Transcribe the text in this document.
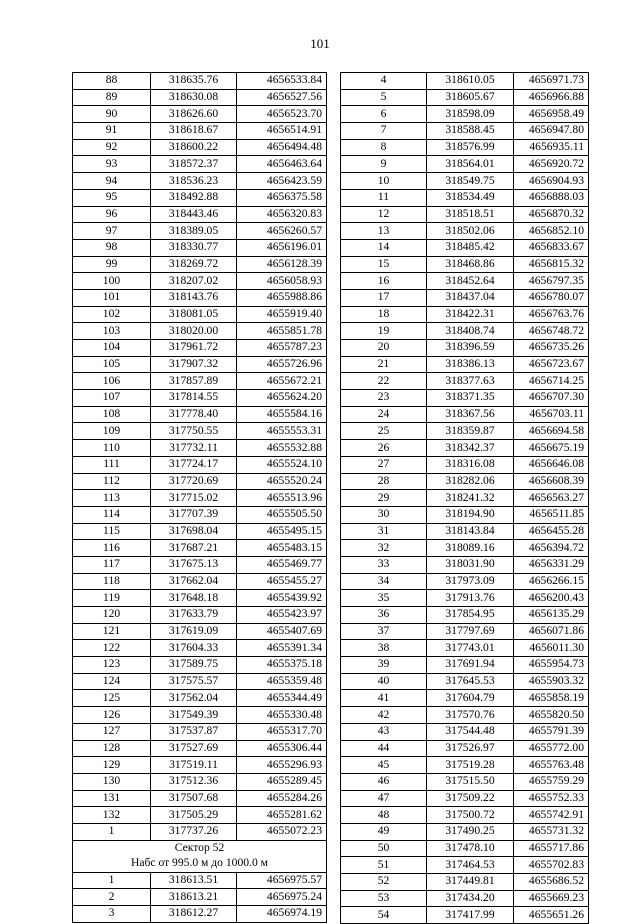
101
88	318635.76	4656533.84
89	318630.08	4656527.56
90	318626.60	4656523.70
91	318618.67	4656514.91
92	318600.22	4656494.48
93	318572.37	4656463.64
94	318536.23	4656423.59
95	318492.88	4656375.58
96	318443.46	4656320.83
97	318389.05	4656260.57
98	318330.77	4656196.01
99	318269.72	4656128.39
100	318207.02	4656058.93
101	318143.76	4655988.86
102	318081.05	4655919.40
103	318020.00	4655851.78
104	317961.72	4655787.23
105	317907.32	4655726.96
106	317857.89	4655672.21
107	317814.55	4655624.20
108	317778.40	4655584.16
109	317750.55	4655553.31
110	317732.11	4655532.88
111	317724.17	4655524.10
112	317720.69	4655520.24
113	317715.02	4655513.96
114	317707.39	4655505.50
115	317698.04	4655495.15
116	317687.21	4655483.15
117	317675.13	4655469.77
118	317662.04	4655455.27
119	317648.18	4655439.92
120	317633.79	4655423.97
121	317619.09	4655407.69
122	317604.33	4655391.34
123	317589.75	4655375.18
124	317575.57	4655359.48
125	317562.04	4655344.49
126	317549.39	4655330.48
127	317537.87	4655317.70
128	317527.69	4655306.44
129	317519.11	4655296.93
130	317512.36	4655289.45
131	317507.68	4655284.26
132	317505.29	4655281.62
1	317737.26	4655072.23

Сектор 52
Набс от 995.0 м до 1000.0 м		

1	318613.51	4656975.57
2	318613.21	4656975.24
3	318612.27	4656974.19
4	318610.05	4656971.73
5	318605.67	4656966.88
6	318598.09	4656958.49
7	318588.45	4656947.80
8	318576.99	4656935.11
9	318564.01	4656920.72
10	318549.75	4656904.93
11	318534.49	4656888.03
12	318518.51	4656870.32
13	318502.06	4656852.10
14	318485.42	4656833.67
15	318468.86	4656815.32
16	318452.64	4656797.35
17	318437.04	4656780.07
18	318422.31	4656763.76
19	318408.74	4656748.72
20	318396.59	4656735.26
21	318386.13	4656723.67
22	318377.63	4656714.25
23	318371.35	4656707.30
24	318367.56	4656703.11
25	318359.87	4656694.58
26	318342.37	4656675.19
27	318316.08	4656646.08
28	318282.06	4656608.39
29	318241.32	4656563.27
30	318194.90	4656511.85
31	318143.84	4656455.28
32	318089.16	4656394.72
33	318031.90	4656331.29
34	317973.09	4656266.15
35	317913.76	4656200.43
36	317854.95	4656135.29
37	317797.69	4656071.86
38	317743.01	4656011.30
39	317691.94	4655954.73
40	317645.53	4655903.32
41	317604.79	4655858.19
42	317570.76	4655820.50
43	317544.48	4655791.39
44	317526.97	4655772.00
45	317519.28	4655763.48
46	317515.50	4655759.29
47	317509.22	4655752.33
48	317500.72	4655742.91
49	317490.25	4655731.32
50	317478.10	4655717.86
51	317464.53	4655702.83
52	317449.81	4655686.52
53	317434.20	4655669.23
54	317417.99	4655651.26
